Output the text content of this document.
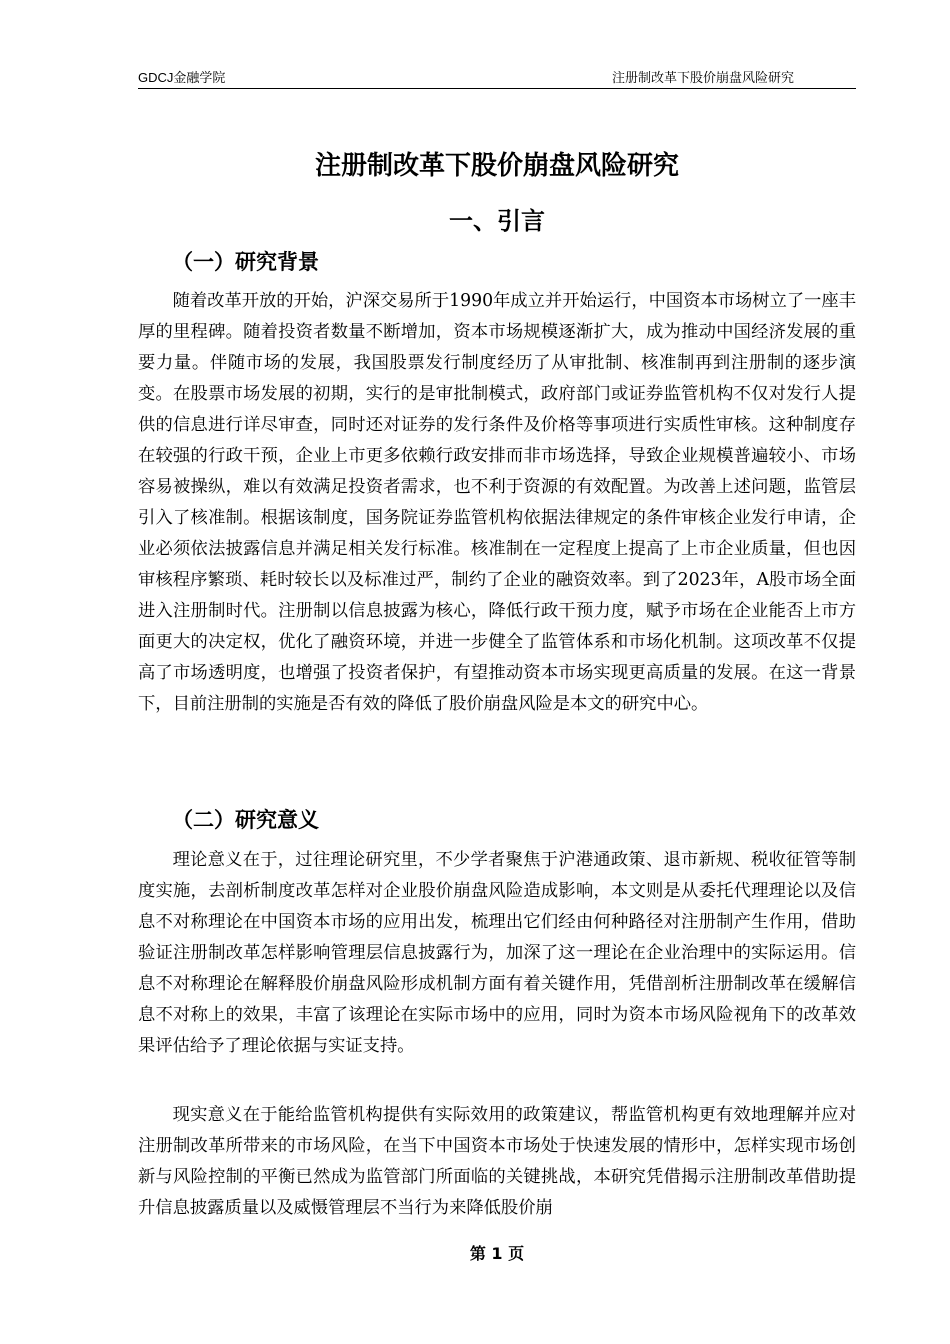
GDCJ金融学院	注册制改革下股价崩盘风险研究
注册制改革下股价崩盘风险研究
一、引言
（一）研究背景

随着改革开放的开始，沪深交易所于1990年成立并开始运行，中国资本市场树立了一座丰厚的里程碑。随着投资者数量不断增加，资本市场规模逐渐扩大，成为推动中国经济发展的重要力量。伴随市场的发展，我国股票发行制度经历了从审批制、核准制再到注册制的逐步演变。在股票市场发展的初期，实行的是审批制模式，政府部门或证券监管机构不仅对发行人提供的信息进行详尽审查，同时还对证券的发行条件及价格等事项进行实质性审核。这种制度存在较强的行政干预，企业上市更多依赖行政安排而非市场选择，导致企业规模普遍较小、市场容易被操纵，难以有效满足投资者需求，也不利于资源的有效配置。为改善上述问题，监管层引入了核准制。根据该制度，国务院证券监管机构依据法律规定的条件审核企业发行申请，企业必须依法披露信息并满足相关发行标准。核准制在一定程度上提高了上市企业质量，但也因审核程序繁琐、耗时较长以及标准过严，制约了企业的融资效率。到了2023年，A股市场全面进入注册制时代。注册制以信息披露为核心，降低行政干预力度，赋予市场在企业能否上市方面更大的决定权，优化了融资环境，并进一步健全了监管体系和市场化机制。这项改革不仅提高了市场透明度，也增强了投资者保护，有望推动资本市场实现更高质量的发展。在这一背景下，目前注册制的实施是否有效的降低了股价崩盘风险是本文的研究中心。

（二）研究意义

理论意义在于，过往理论研究里，不少学者聚焦于沪港通政策、退市新规、税收征管等制度实施，去剖析制度改革怎样对企业股价崩盘风险造成影响，本文则是从委托代理理论以及信息不对称理论在中国资本市场的应用出发，梳理出它们经由何种路径对注册制产生作用，借助验证注册制改革怎样影响管理层信息披露行为，加深了这一理论在企业治理中的实际运用。信息不对称理论在解释股价崩盘风险形成机制方面有着关键作用，凭借剖析注册制改革在缓解信息不对称上的效果，丰富了该理论在实际市场中的应用，同时为资本市场风险视角下的改革效果评估给予了理论依据与实证支持。

现实意义在于能给监管机构提供有实际效用的政策建议，帮监管机构更有效地理解并应对注册制改革所带来的市场风险，在当下中国资本市场处于快速发展的情形中，怎样实现市场创新与风险控制的平衡已然成为监管部门所面临的关键挑战，本研究凭借揭示注册制改革借助提升信息披露质量以及威慑管理层不当行为来降低股价崩

第 1 页
